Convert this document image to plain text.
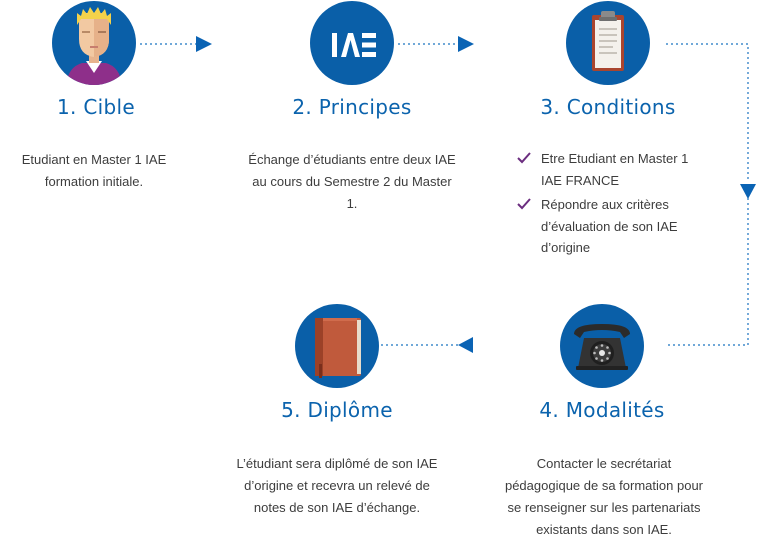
1. Cible
Etudiant en Master 1 IAE
formation initiale.
2. Principes
Échange d’étudiants entre deux IAE
au cours du Semestre 2 du Master
1.
3. Conditions
Etre Etudiant en Master 1
IAE FRANCE
Répondre aux critères
d’évaluation de son IAE
d’origine
4. Modalités
Contacter le secrétariat
pédagogique de sa formation pour
se renseigner sur les partenariats
existants dans son IAE.
5. Diplôme
L’étudiant sera diplômé de son IAE
d’origine et recevra un relevé de
notes de son IAE d’échange.
